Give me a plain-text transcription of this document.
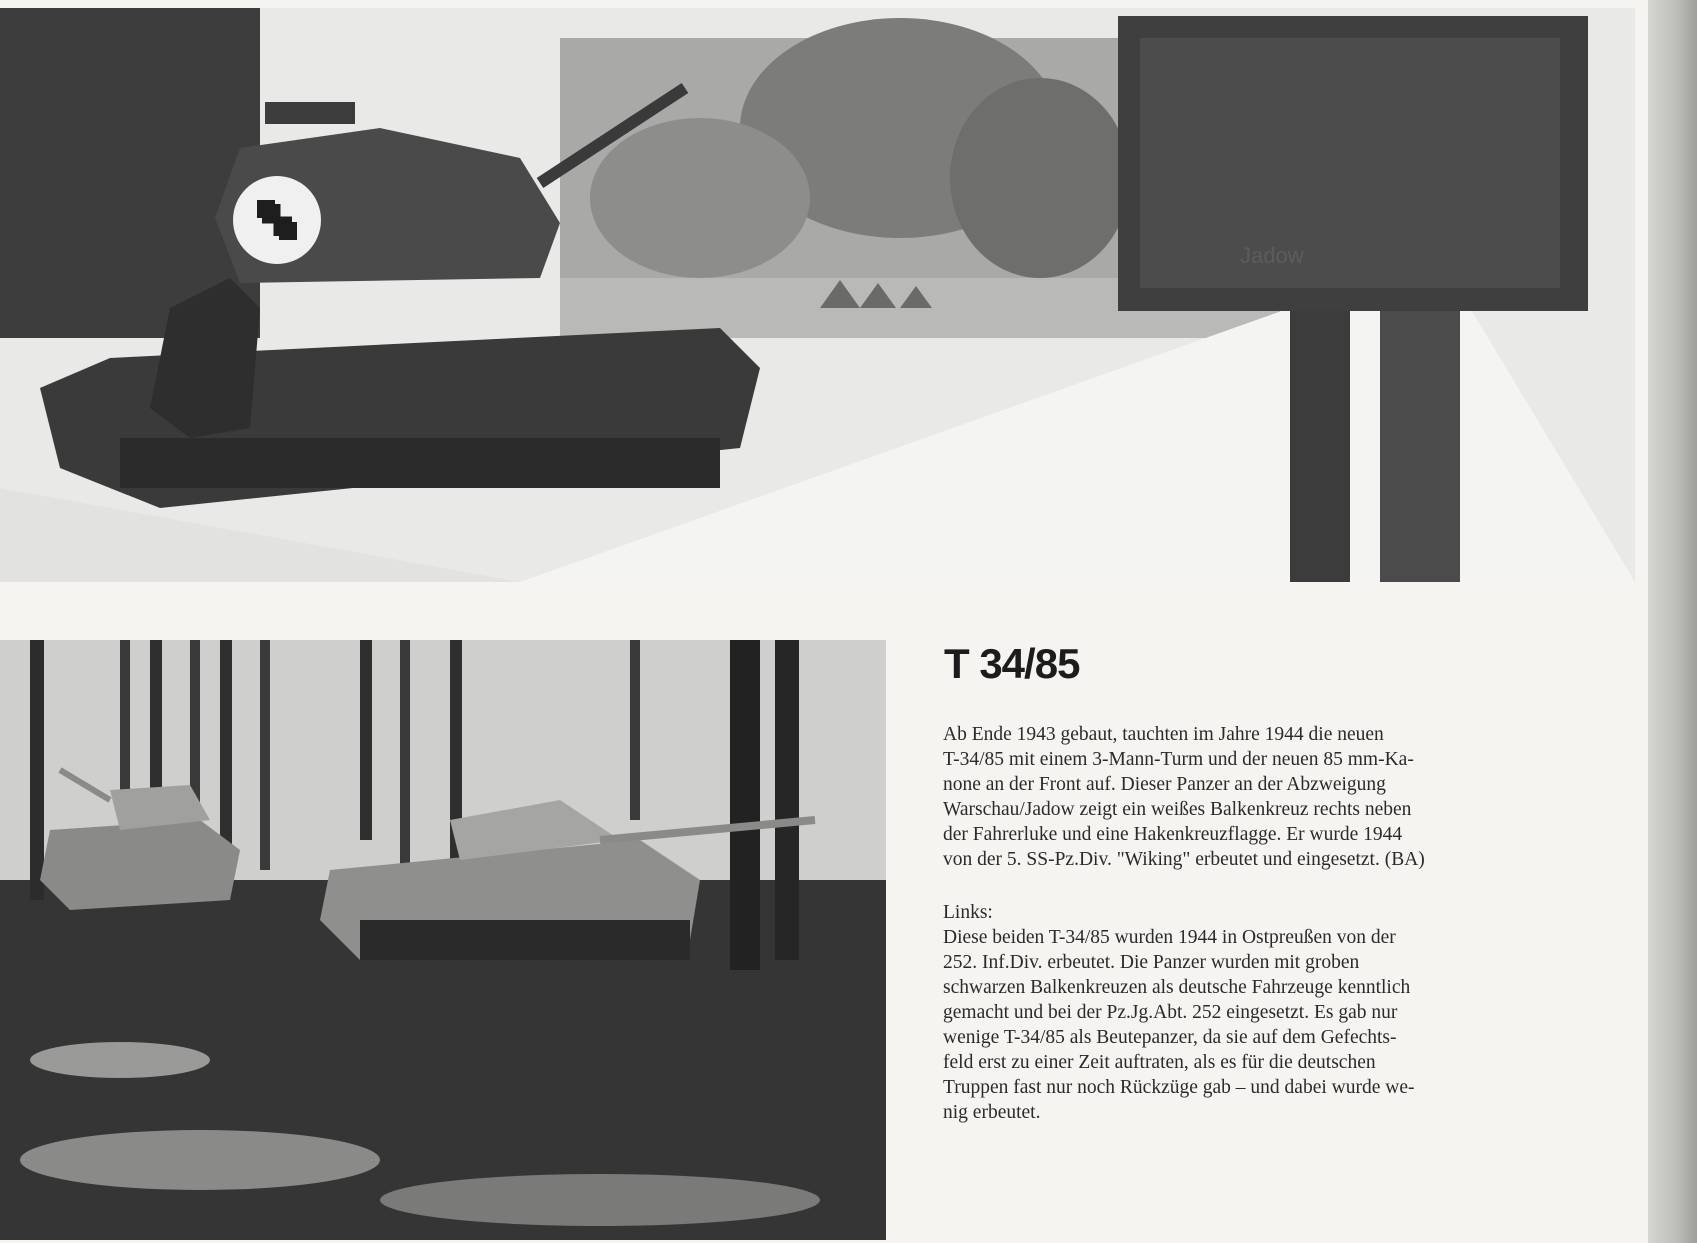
Jadow
T 34/85
Ab Ende 1943 gebaut, tauchten im Jahre 1944 die neuen
T-34/85 mit einem 3-Mann-Turm und der neuen 85 mm-Ka-
none an der Front auf. Dieser Panzer an der Abzweigung
Warschau/Jadow zeigt ein weißes Balkenkreuz rechts neben
der Fahrerluke und eine Hakenkreuzflagge. Er wurde 1944
von der 5. SS-Pz.Div. "Wiking" erbeutet und eingesetzt. (BA)
Links:
Diese beiden T-34/85 wurden 1944 in Ostpreußen von der
252. Inf.Div. erbeutet. Die Panzer wurden mit groben
schwarzen Balkenkreuzen als deutsche Fahrzeuge kenntlich
gemacht und bei der Pz.Jg.Abt. 252 eingesetzt. Es gab nur
wenige T-34/85 als Beutepanzer, da sie auf dem Gefechts-
feld erst zu einer Zeit auftraten, als es für die deutschen
Truppen fast nur noch Rückzüge gab – und dabei wurde we-
nig erbeutet.
